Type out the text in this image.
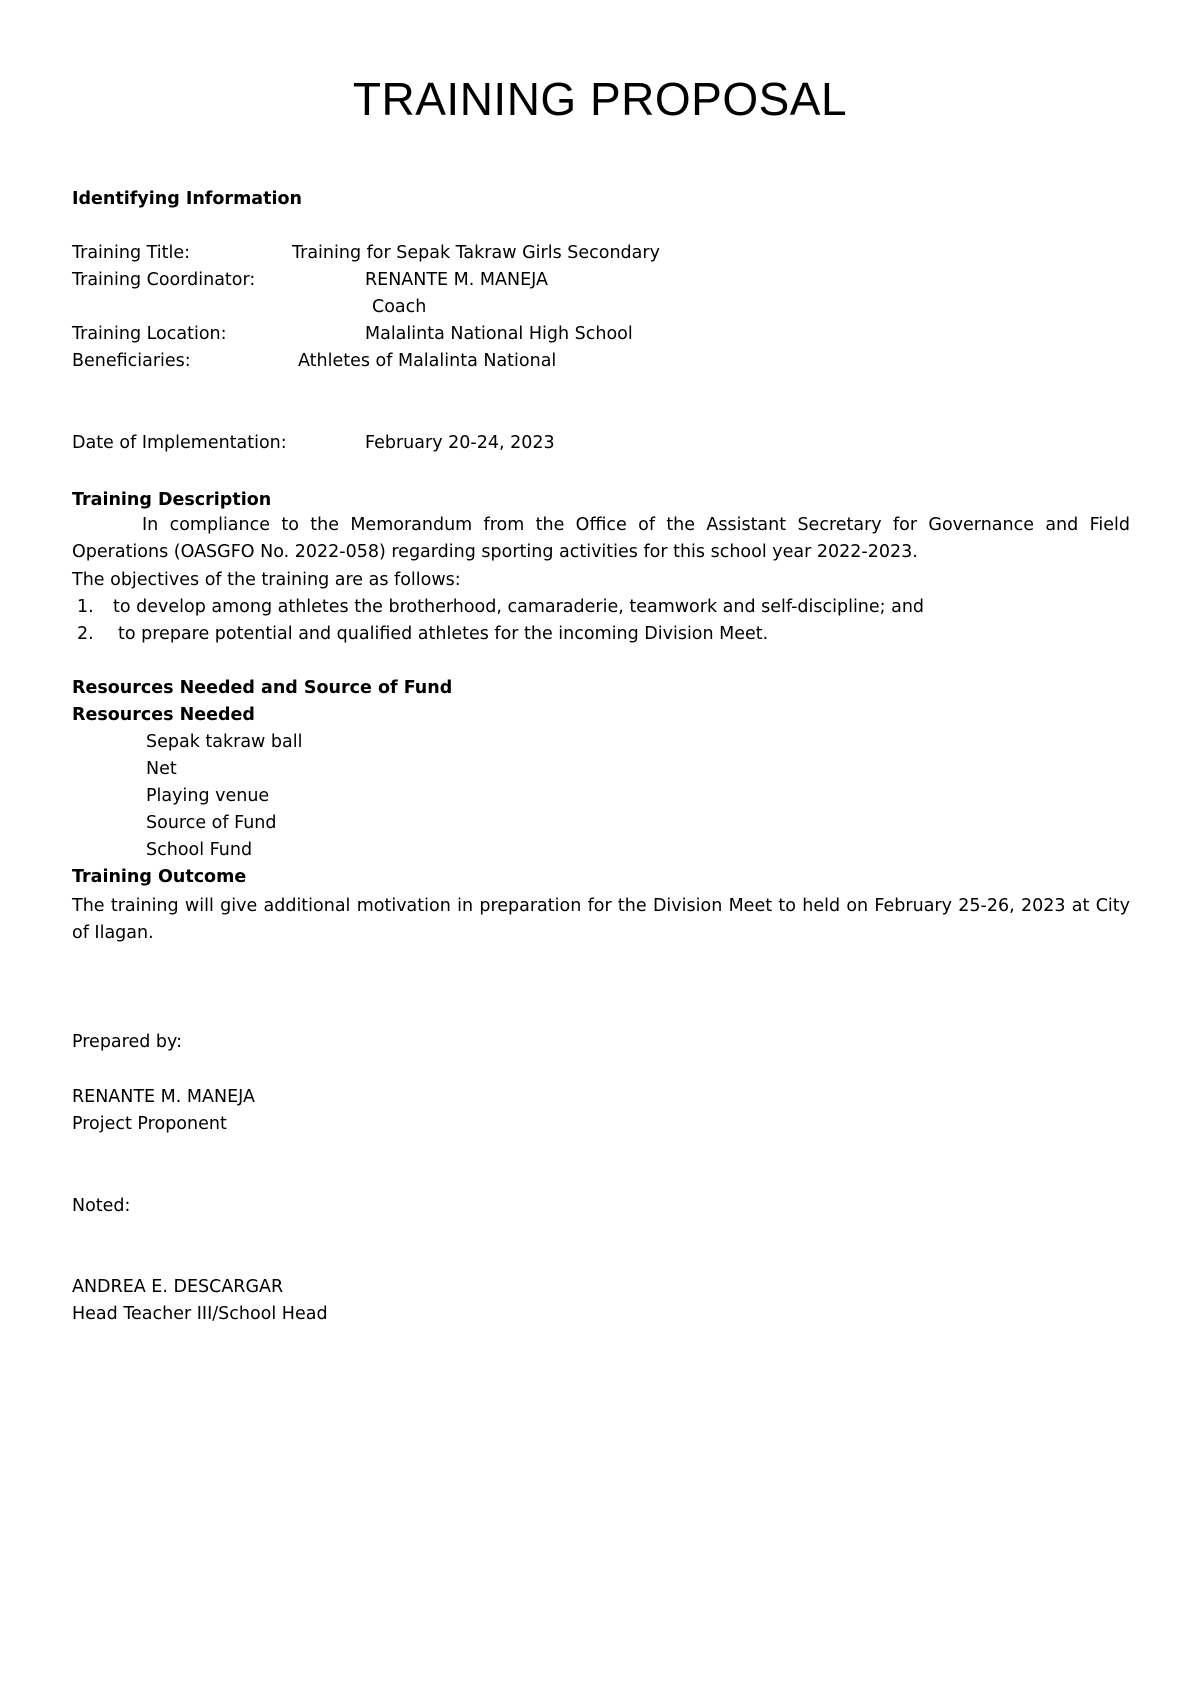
TRAINING PROPOSAL
Identifying Information
Training Title:	Training for Sepak Takraw Girls Secondary
Training Coordinator:	RENANTE M. MANEJA
Coach
Training Location:	Malalinta National High School
Beneficiaries:	Athletes of Malalinta National
Date of Implementation:	February 20-24, 2023
Training Description
In compliance to the Memorandum from the Office of the Assistant Secretary for Governance and Field Operations (OASGFO No. 2022-058) regarding sporting activities for this school year 2022-2023.
The objectives of the training are as follows:
1. to develop among athletes the brotherhood, camaraderie, teamwork and self-discipline; and
2. to prepare potential and qualified athletes for the incoming Division Meet.
Resources Needed and Source of Fund
Resources Needed
Sepak takraw ball
Net
Playing venue
Source of Fund
School Fund
Training Outcome
The training will give additional motivation in preparation for the Division Meet to held on February 25-26, 2023 at City of Ilagan.
Prepared by:
RENANTE M. MANEJA
Project Proponent
Noted:
ANDREA E. DESCARGAR
Head Teacher III/School Head
